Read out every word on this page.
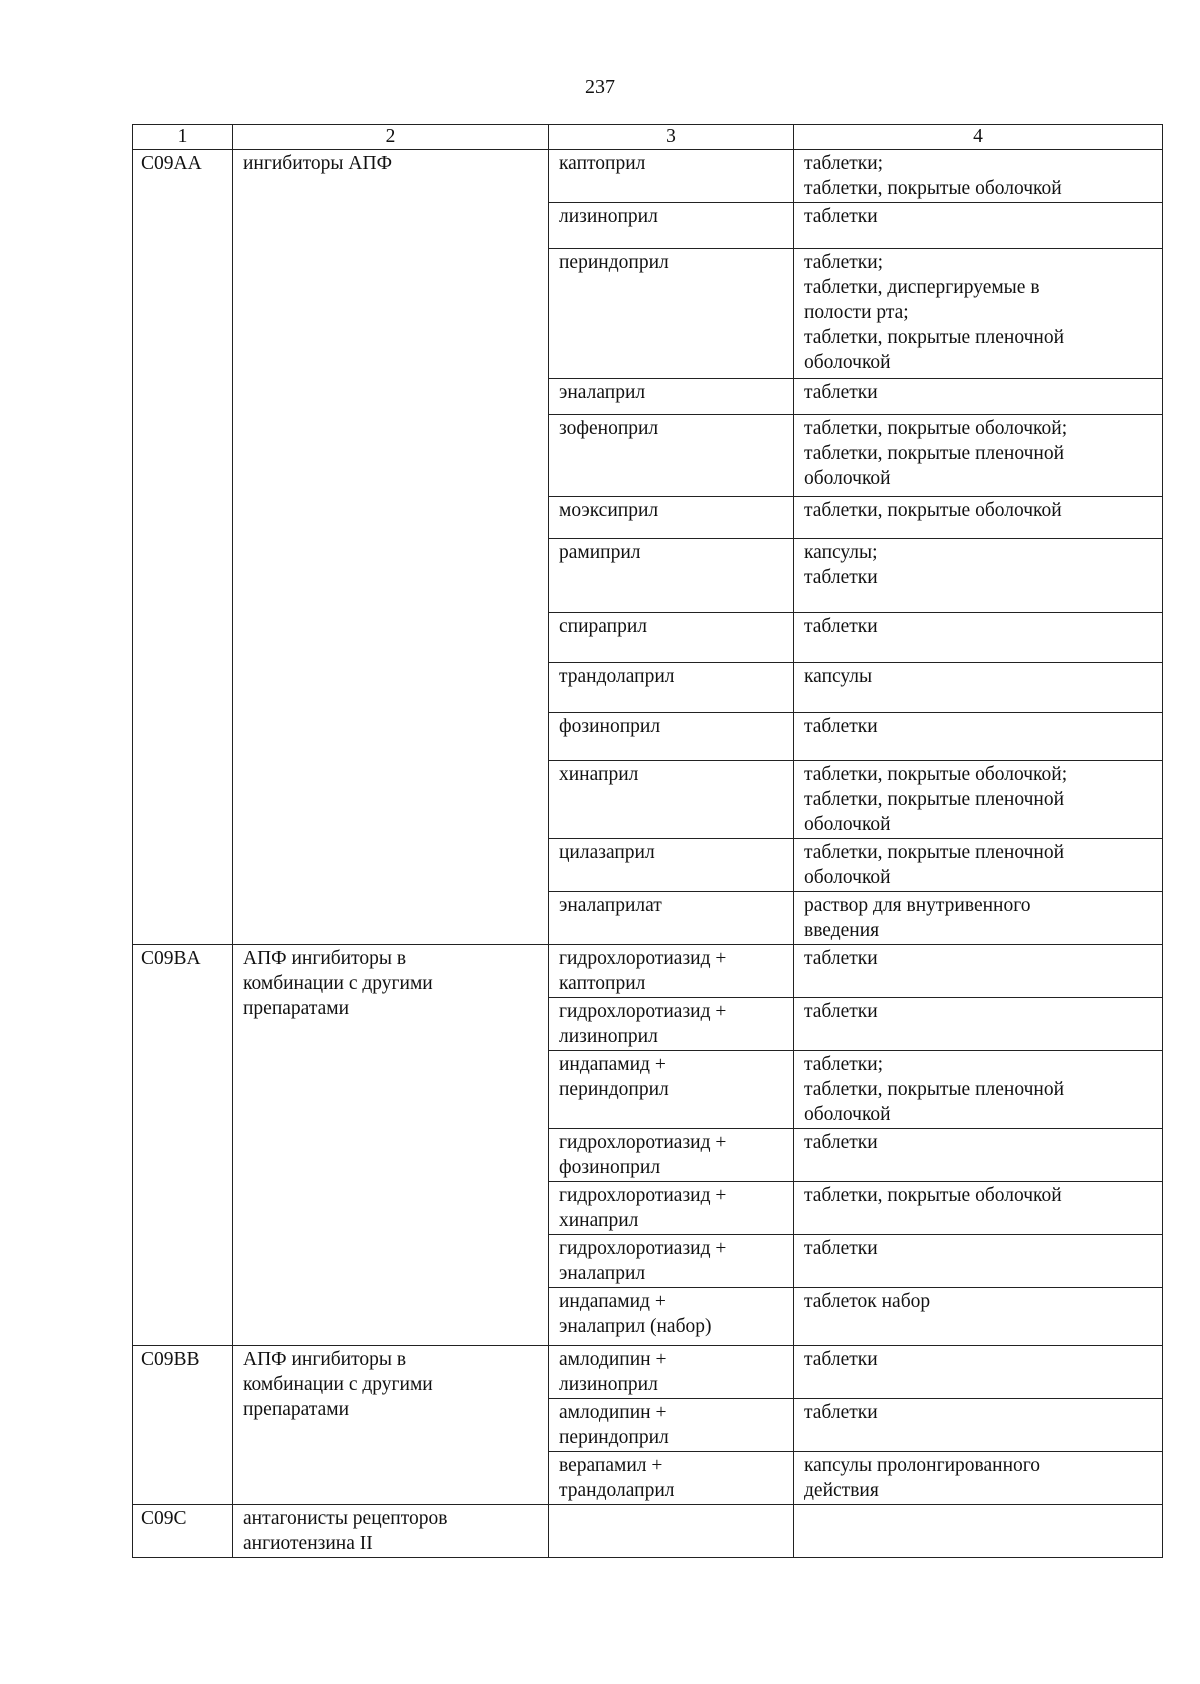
237
1	2	3	4
C09AA	ингибиторы АПФ	каптоприл	таблетки;
таблетки, покрытые оболочкой

		лизиноприл	таблетки

		периндоприл	таблетки;
таблетки, диспергируемые в
полости рта;
таблетки, покрытые пленочной
оболочкой

		эналаприл	таблетки

		зофеноприл	таблетки, покрытые оболочкой;
таблетки, покрытые пленочной
оболочкой

		моэксиприл	таблетки, покрытые оболочкой

		рамиприл	капсулы;
таблетки

		спираприл	таблетки

		трандолаприл	капсулы

		фозиноприл	таблетки

		хинаприл	таблетки, покрытые оболочкой;
таблетки, покрытые пленочной
оболочкой

		цилазаприл	таблетки, покрытые пленочной
оболочкой

		эналаприлат	раствор для внутривенного
введения

C09BA	АПФ ингибиторы в
комбинации с другими
препаратами	гидрохлоротиазид +
каптоприл	таблетки

		гидрохлоротиазид +
лизиноприл	таблетки

		индапамид +
периндоприл	таблетки;
таблетки, покрытые пленочной
оболочкой

		гидрохлоротиазид +
фозиноприл	таблетки

		гидрохлоротиазид +
хинаприл	таблетки, покрытые оболочкой

		гидрохлоротиазид +
эналаприл	таблетки

		индапамид +
эналаприл (набор)	таблеток набор

C09BB	АПФ ингибиторы в
комбинации с другими
препаратами	амлодипин +
лизиноприл	таблетки

		амлодипин +
периндоприл	таблетки

		верапамил +
трандолаприл	капсулы пролонгированного
действия

C09C	антагонисты рецепторов
ангиотензина II		
